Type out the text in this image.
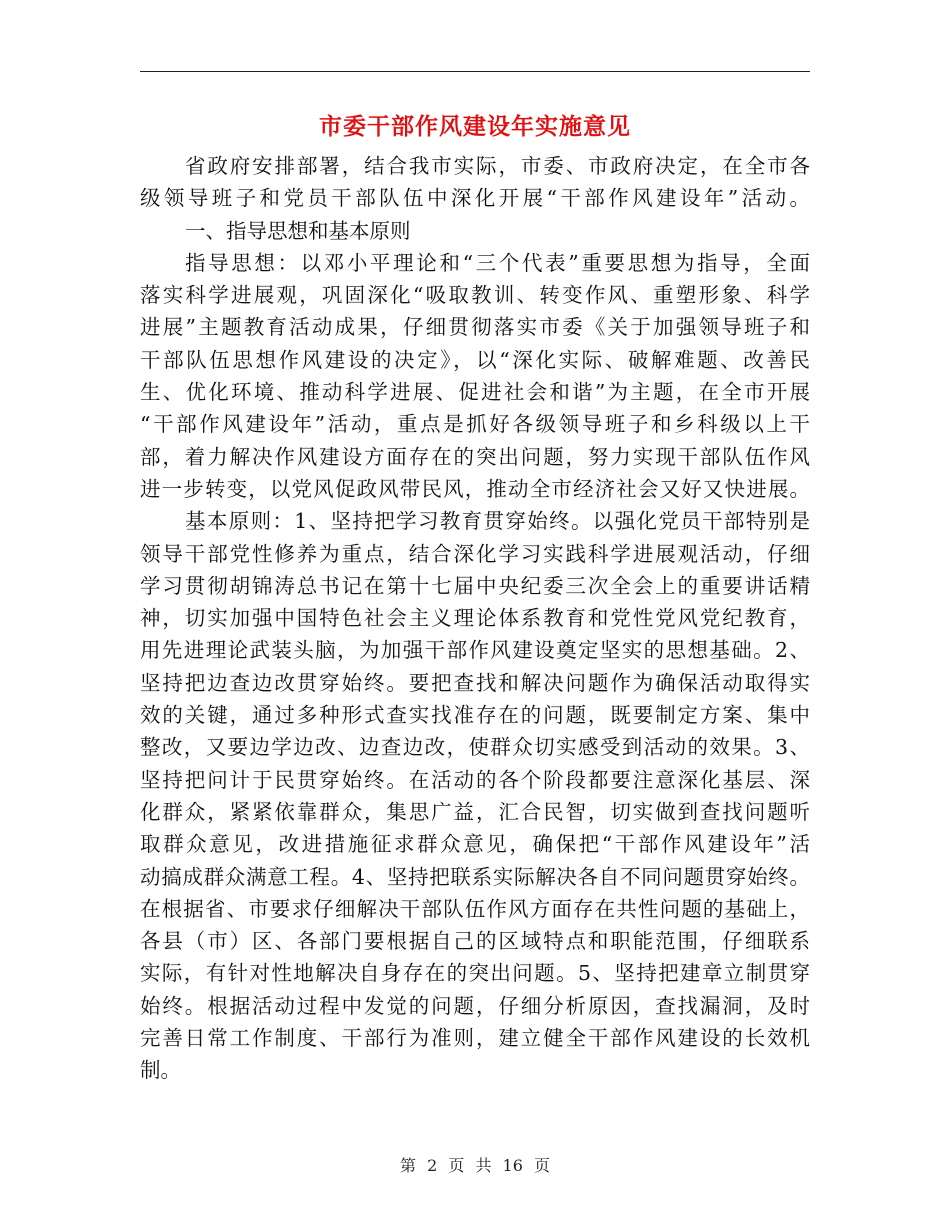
市委干部作风建设年实施意见
省政府安排部署，结合我市实际，市委、市政府决定，在全市各
级领导班子和党员干部队伍中深化开展“干部作风建设年”活动。
一、指导思想和基本原则
指导思想：以邓小平理论和“三个代表”重要思想为指导，全面
落实科学进展观，巩固深化“吸取教训、转变作风、重塑形象、科学
进展”主题教育活动成果，仔细贯彻落实市委《关于加强领导班子和
干部队伍思想作风建设的决定》，以“深化实际、破解难题、改善民
生、优化环境、推动科学进展、促进社会和谐”为主题，在全市开展
“干部作风建设年”活动，重点是抓好各级领导班子和乡科级以上干
部，着力解决作风建设方面存在的突出问题，努力实现干部队伍作风
进一步转变，以党风促政风带民风，推动全市经济社会又好又快进展。
基本原则：1、坚持把学习教育贯穿始终。以强化党员干部特别是
领导干部党性修养为重点，结合深化学习实践科学进展观活动，仔细
学习贯彻胡锦涛总书记在第十七届中央纪委三次全会上的重要讲话精
神，切实加强中国特色社会主义理论体系教育和党性党风党纪教育，
用先进理论武装头脑，为加强干部作风建设奠定坚实的思想基础。2、
坚持把边查边改贯穿始终。要把查找和解决问题作为确保活动取得实
效的关键，通过多种形式查实找准存在的问题，既要制定方案、集中
整改，又要边学边改、边查边改，使群众切实感受到活动的效果。3、
坚持把问计于民贯穿始终。在活动的各个阶段都要注意深化基层、深
化群众，紧紧依靠群众，集思广益，汇合民智，切实做到查找问题听
取群众意见，改进措施征求群众意见，确保把“干部作风建设年”活
动搞成群众满意工程。4、坚持把联系实际解决各自不同问题贯穿始终。
在根据省、市要求仔细解决干部队伍作风方面存在共性问题的基础上，
各县（市）区、各部门要根据自己的区域特点和职能范围，仔细联系
实际，有针对性地解决自身存在的突出问题。5、坚持把建章立制贯穿
始终。根据活动过程中发觉的问题，仔细分析原因，查找漏洞，及时
完善日常工作制度、干部行为准则，建立健全干部作风建设的长效机
制。
第 2 页 共 16 页
